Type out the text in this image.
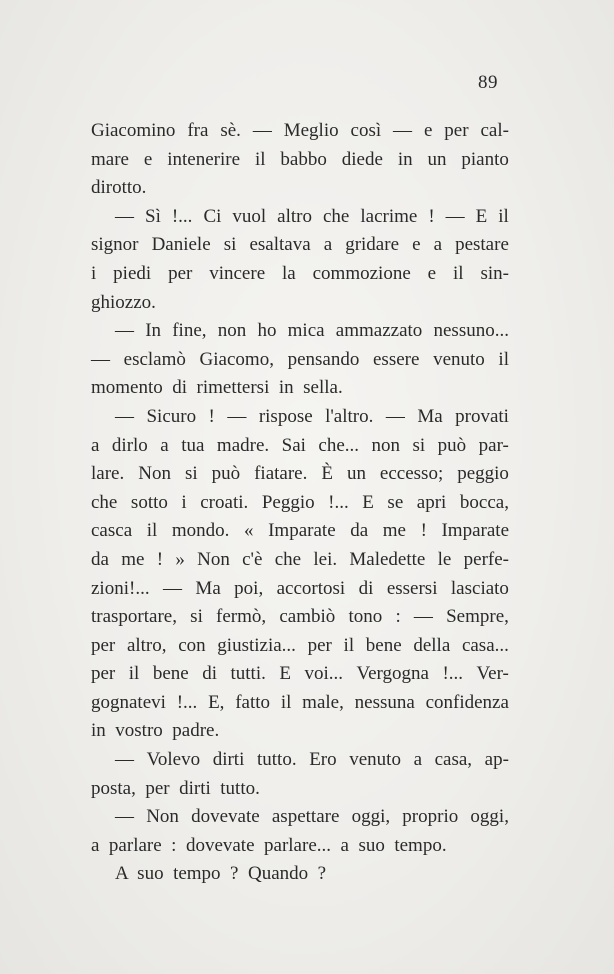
89
Giacomino fra sè. — Meglio così — e per cal-
mare e intenerire il babbo diede in un pianto
dirotto.
— Sì !... Ci vuol altro che lacrime ! — E il
signor Daniele si esaltava a gridare e a pestare
i piedi per vincere la commozione e il sin-
ghiozzo.
— In fine, non ho mica ammazzato nessuno...
— esclamò Giacomo, pensando essere venuto il
momento di rimettersi in sella.
— Sicuro ! — rispose l'altro. — Ma provati
a dirlo a tua madre. Sai che... non si può par-
lare. Non si può fiatare. È un eccesso; peggio
che sotto i croati. Peggio !... E se apri bocca,
casca il mondo. « Imparate da me ! Imparate
da me ! » Non c'è che lei. Maledette le perfe-
zioni!... — Ma poi, accortosi di essersi lasciato
trasportare, si fermò, cambiò tono : — Sempre,
per altro, con giustizia... per il bene della casa...
per il bene di tutti. E voi... Vergogna !... Ver-
gognatevi !... E, fatto il male, nessuna confidenza
in vostro padre.
— Volevo dirti tutto. Ero venuto a casa, ap-
posta, per dirti tutto.
— Non dovevate aspettare oggi, proprio oggi,
a parlare : dovevate parlare... a suo tempo.
A suo tempo ? Quando ?
